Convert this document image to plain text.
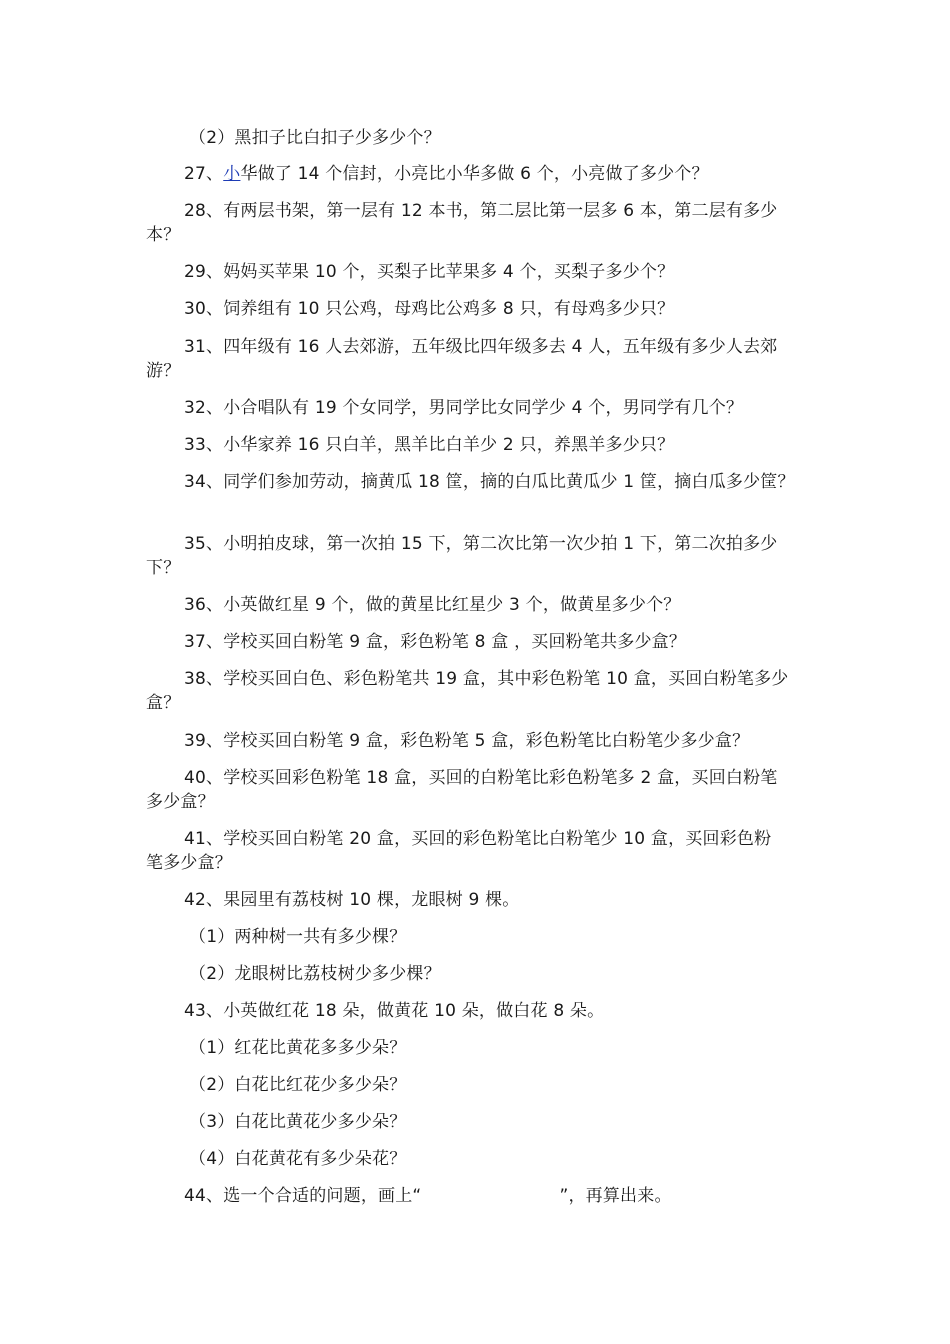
（2）黑扣子比白扣子少多少个？
27、小华做了 14 个信封，小亮比小华多做 6 个，小亮做了多少个？
28、有两层书架，第一层有 12 本书，第二层比第一层多 6 本，第二层有多少
本？
29、妈妈买苹果 10 个，买梨子比苹果多 4 个，买梨子多少个？
30、饲养组有 10 只公鸡，母鸡比公鸡多 8 只，有母鸡多少只？
31、四年级有 16 人去郊游，五年级比四年级多去 4 人，五年级有多少人去郊
游？
32、小合唱队有 19 个女同学，男同学比女同学少 4 个，男同学有几个？
33、小华家养 16 只白羊，黑羊比白羊少 2 只，养黑羊多少只？
34、同学们参加劳动，摘黄瓜 18 筐，摘的白瓜比黄瓜少 1 筐，摘白瓜多少筐？
35、小明拍皮球，第一次拍 15 下，第二次比第一次少拍 1 下，第二次拍多少
下？
36、小英做红星 9 个，做的黄星比红星少 3 个，做黄星多少个？
37、学校买回白粉笔 9 盒，彩色粉笔 8 盒 ，买回粉笔共多少盒？
38、学校买回白色、彩色粉笔共 19 盒，其中彩色粉笔 10 盒，买回白粉笔多少
盒？
39、学校买回白粉笔 9 盒，彩色粉笔 5 盒，彩色粉笔比白粉笔少多少盒？
40、学校买回彩色粉笔 18 盒，买回的白粉笔比彩色粉笔多 2 盒，买回白粉笔
多少盒？
41、学校买回白粉笔 20 盒，买回的彩色粉笔比白粉笔少 10 盒，买回彩色粉
笔多少盒？
42、果园里有荔枝树 10 棵，龙眼树 9 棵。
（1）两种树一共有多少棵？
（2）龙眼树比荔枝树少多少棵？
43、小英做红花 18 朵，做黄花 10 朵，做白花 8 朵。
（1）红花比黄花多多少朵？
（2）白花比红花少多少朵？
（3）白花比黄花少多少朵？
（4）白花黄花有多少朵花？
44、选一个合适的问题，画上“	”，再算出来。
